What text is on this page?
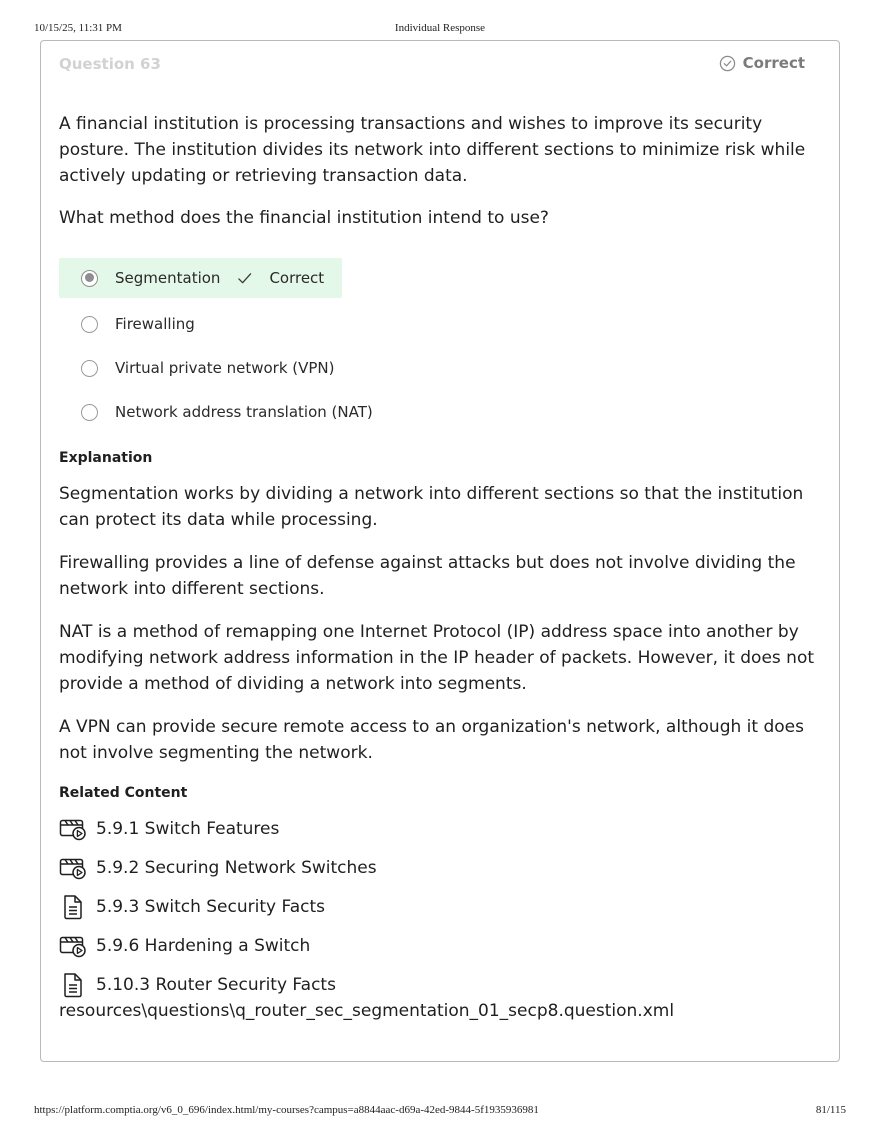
10/15/25, 11:31 PM	Individual Response
Question 63	Correct
A financial institution is processing transactions and wishes to improve its security posture. The institution divides its network into different sections to minimize risk while actively updating or retrieving transaction data.
What method does the financial institution intend to use?
Segmentation	Correct
Firewalling
Virtual private network (VPN)
Network address translation (NAT)
Explanation
Segmentation works by dividing a network into different sections so that the institution can protect its data while processing.
Firewalling provides a line of defense against attacks but does not involve dividing the network into different sections.
NAT is a method of remapping one Internet Protocol (IP) address space into another by modifying network address information in the IP header of packets. However, it does not provide a method of dividing a network into segments.
A VPN can provide secure remote access to an organization's network, although it does not involve segmenting the network.
Related Content
5.9.1 Switch Features
5.9.2 Securing Network Switches
5.9.3 Switch Security Facts
5.9.6 Hardening a Switch
5.10.3 Router Security Facts
resources\questions\q_router_sec_segmentation_01_secp8.question.xml
https://platform.comptia.org/v6_0_696/index.html/my-courses?campus=a8844aac-d69a-42ed-9844-5f1935936981	81/115
